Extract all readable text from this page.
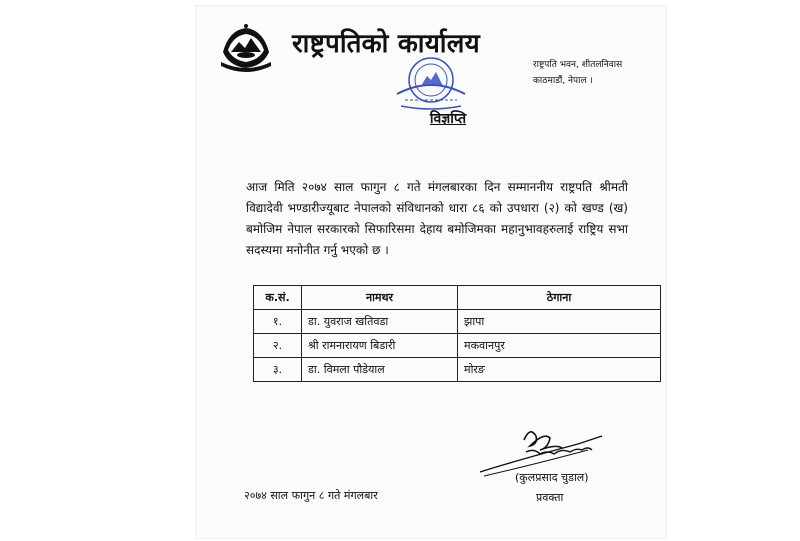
राष्ट्रपतिको कार्यालय
राष्ट्रपति भवन, शीतलनिवास
काठमाडौं, नेपाल ।
विज्ञप्ति
आज मिति २०७४ साल फागुन ८ गते मंगलबारका दिन सम्माननीय राष्ट्रपति श्रीमती विद्यादेवी भण्डारीज्यूबाट नेपालको संविधानको धारा ८६ को उपधारा (२) को खण्ड (ख) बमोजिम नेपाल सरकारको सिफारिसमा देहाय बमोजिमका महानुभावहरुलाई राष्ट्रिय सभा सदस्यमा मनोनीत गर्नु भएको छ ।
क.सं.	नामथर	ठेगाना
१.	डा. युवराज खतिवडा	झापा
२.	श्री रामनारायण बिडारी	मकवानपुर
३.	डा. विमला पौडेयाल	मोरङ
(कुलप्रसाद चुडाल)
प्रवक्ता
२०७४ साल फागुन ८ गते मंगलबार
